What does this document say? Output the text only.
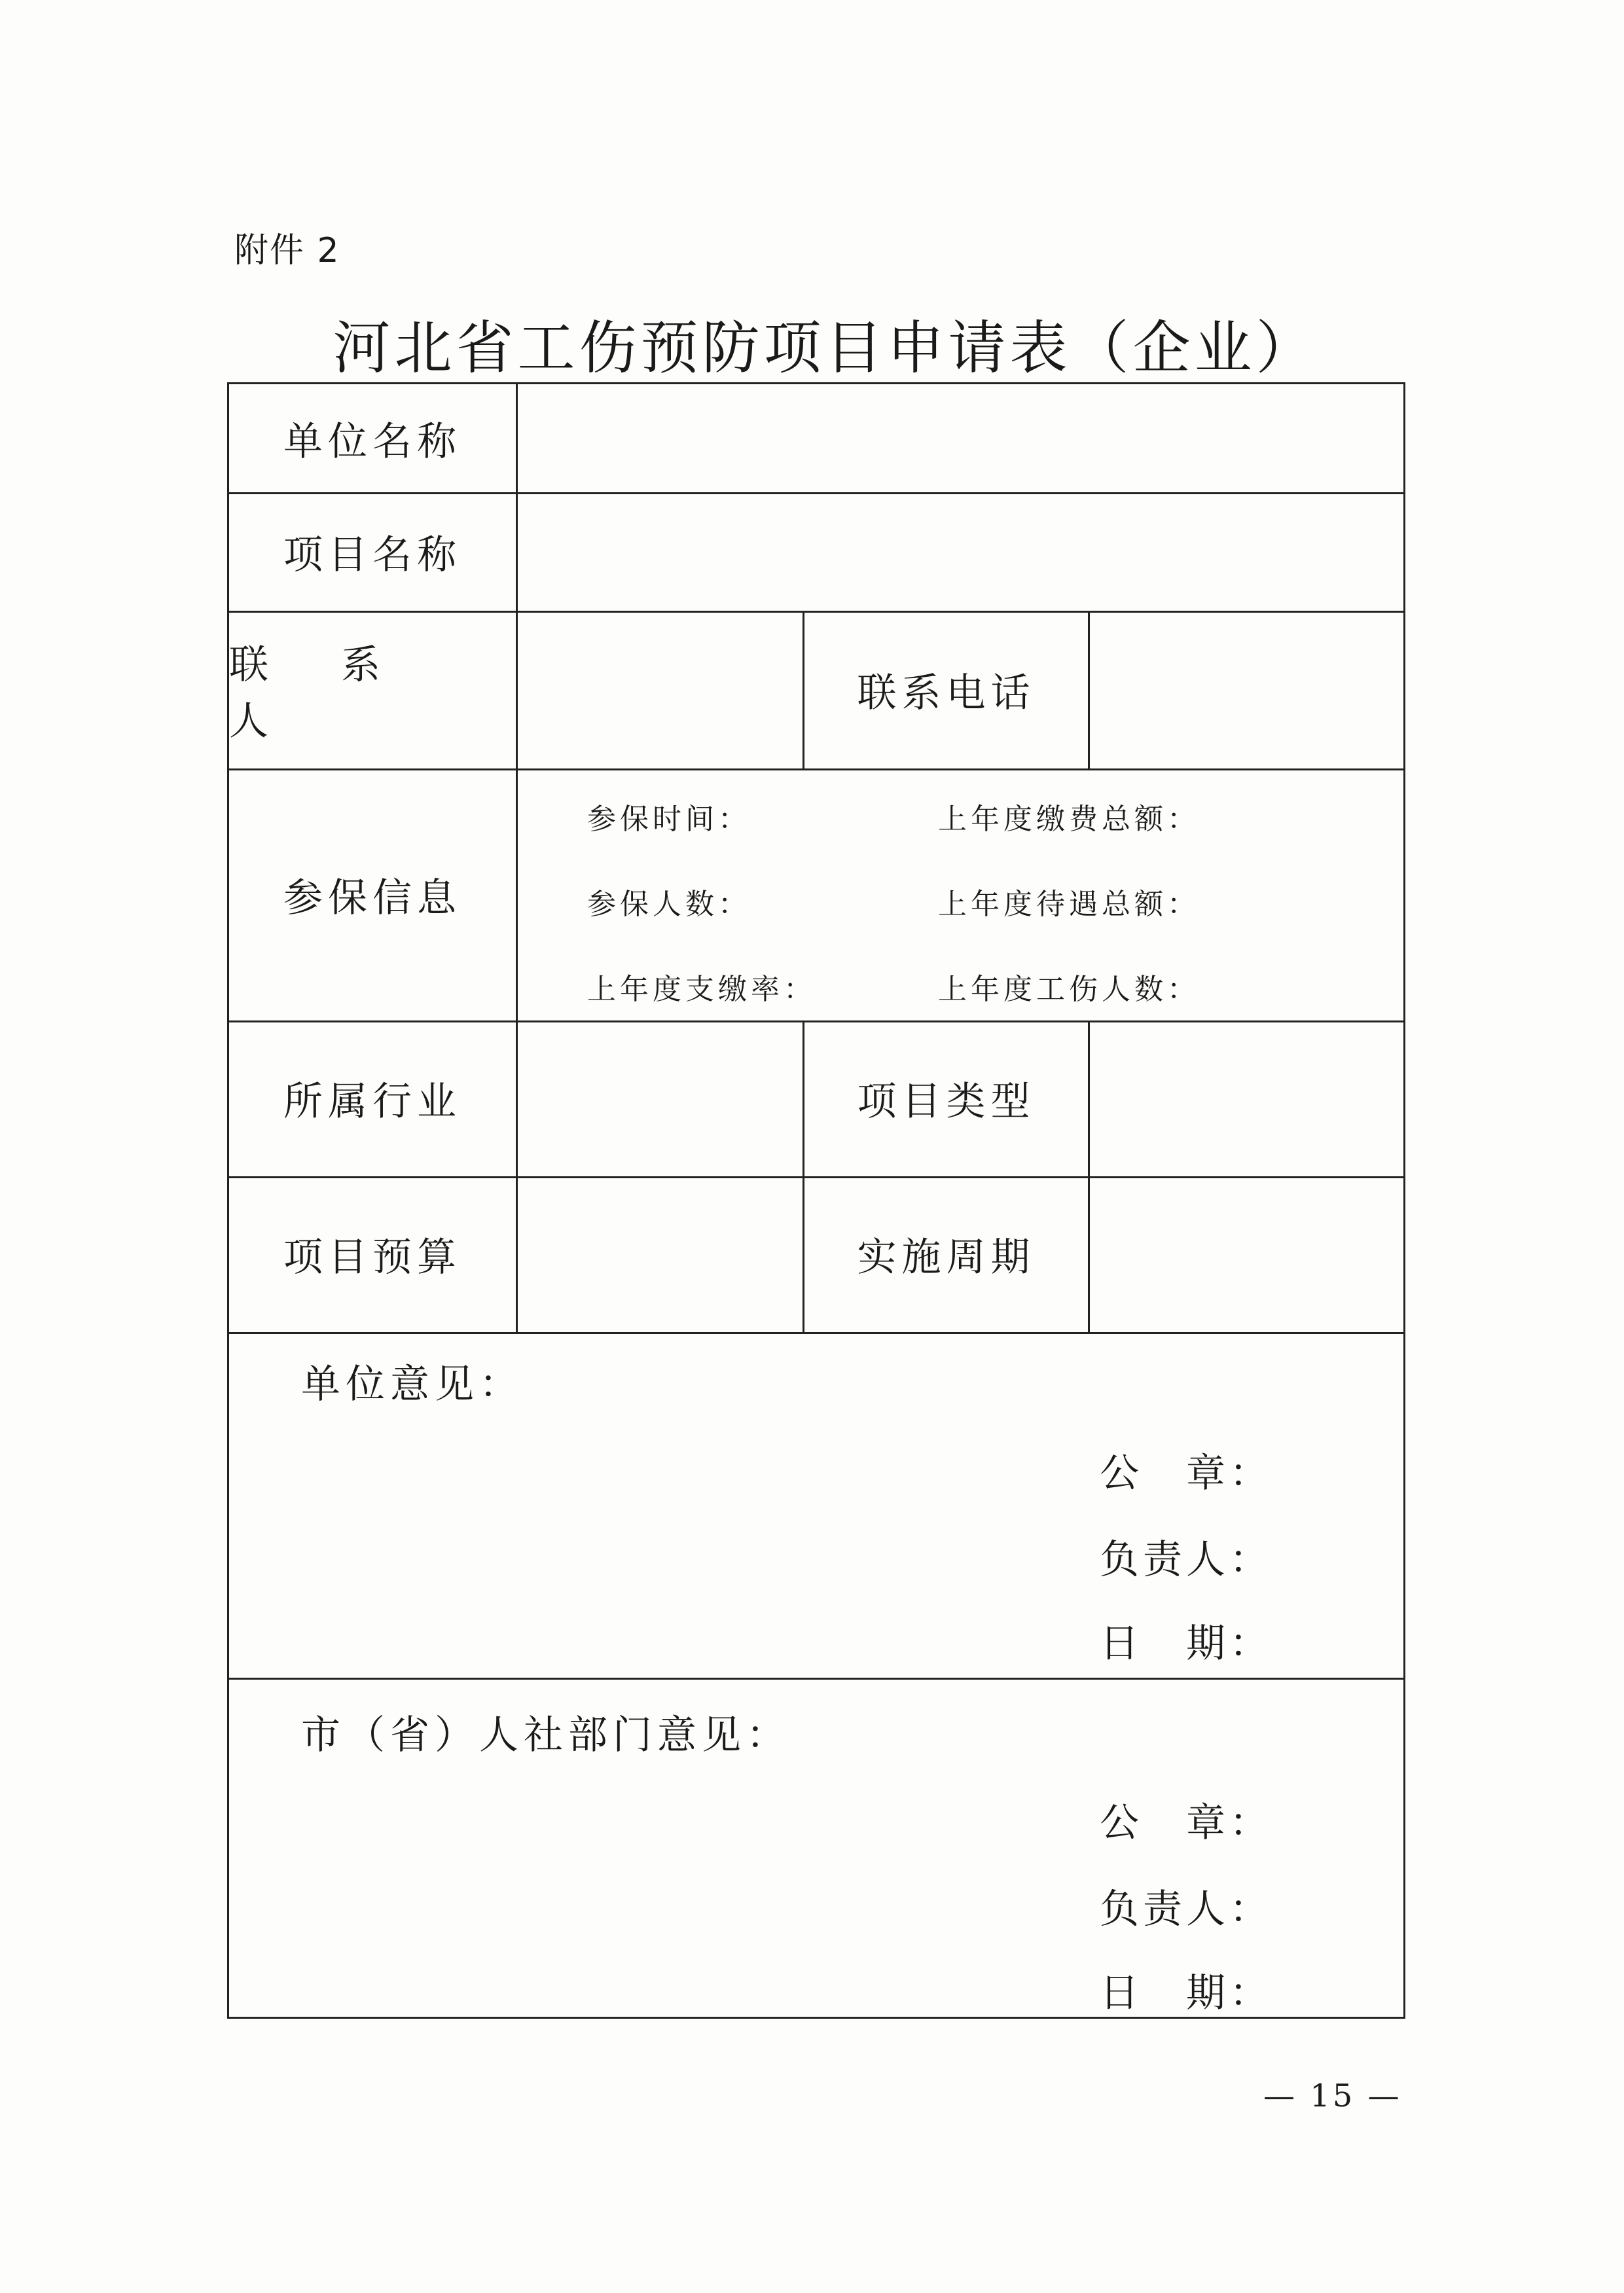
附件 2
河北省工伤预防项目申请表（企业）
单位名称
项目名称
联 系 人
联系电话
参保信息
参保时间：
参保人数：
上年度支缴率：
上年度缴费总额：
上年度待遇总额：
上年度工伤人数：
所属行业	项目类型
项目预算	实施周期
单位意见：
公　章：
负责人：
日　期：
市（省）人社部门意见：
公　章：
负责人：
日　期：
— 15 —
